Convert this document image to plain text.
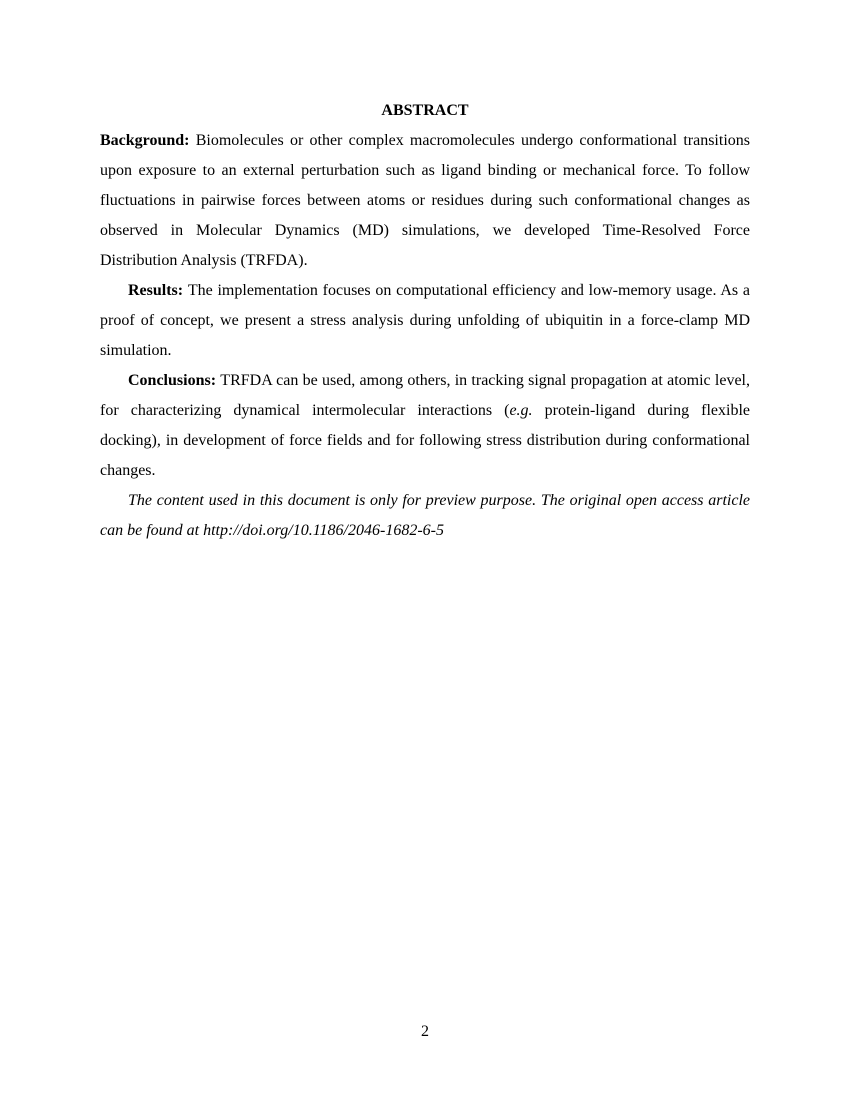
ABSTRACT

Background: Biomolecules or other complex macromolecules undergo conformational transitions upon exposure to an external perturbation such as ligand binding or mechanical force. To follow fluctuations in pairwise forces between atoms or residues during such conformational changes as observed in Molecular Dynamics (MD) simulations, we developed Time-Resolved Force Distribution Analysis (TRFDA).

Results: The implementation focuses on computational efficiency and low-memory usage. As a proof of concept, we present a stress analysis during unfolding of ubiquitin in a force-clamp MD simulation.

Conclusions: TRFDA can be used, among others, in tracking signal propagation at atomic level, for characterizing dynamical intermolecular interactions (e.g. protein-ligand during flexible docking), in development of force fields and for following stress distribution during conformational changes.

The content used in this document is only for preview purpose. The original open access article can be found at http://doi.org/10.1186/2046-1682-6-5

2
